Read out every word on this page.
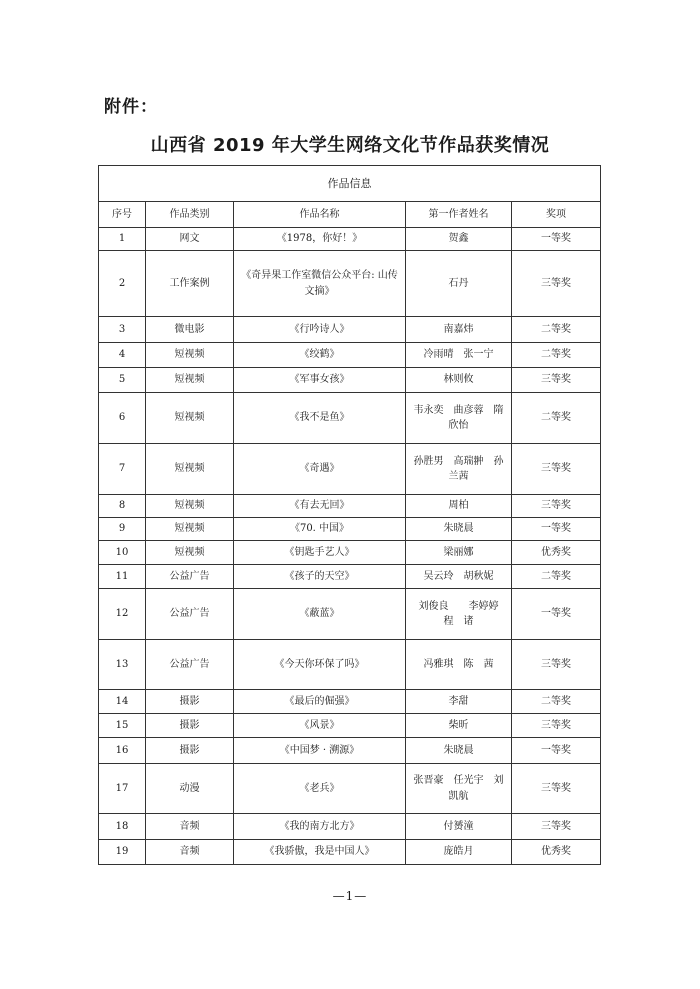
附件：
山西省 2019 年大学生网络文化节作品获奖情况
作品信息				
序号	作品类别	作品名称	第一作者姓名	奖项
1	网文	《1978，你好！》	贺鑫	一等奖
2	工作案例	《奇异果工作室微信公众平台: 山传文摘》	石丹	三等奖
3	微电影	《行吟诗人》	南嘉炜	二等奖
4	短视频	《绞鹤》	冷雨晴　张一宁	二等奖
5	短视频	《军事女孩》	林则攸	三等奖
6	短视频	《我不是鱼》	韦永奕　曲彦蓉　隋欣怡	二等奖
7	短视频	《奇遇》	孙胜男　高瑞翀　孙兰茜	三等奖
8	短视频	《有去无回》	周柏	三等奖
9	短视频	《70. 中国》	朱晓晨	一等奖
10	短视频	《钥匙手艺人》	梁丽娜	优秀奖
11	公益广告	《孩子的天空》	吴云玲　胡秋妮	二等奖
12	公益广告	《蔽蓝》	刘俊良　　李婷婷　程　诸	一等奖
13	公益广告	《今天你环保了吗》	冯雅琪　陈　茜	三等奖
14	摄影	《最后的倔强》	李甜	二等奖
15	摄影	《风景》	柴昕	三等奖
16	摄影	《中国梦 · 溯源》	朱晓晨	一等奖
17	动漫	《老兵》	张晋豪　任光宇　刘凯航	三等奖
18	音频	《我的南方北方》	付赟潼	三等奖
19	音频	《我骄傲，我是中国人》	庞皓月	优秀奖
—1—
